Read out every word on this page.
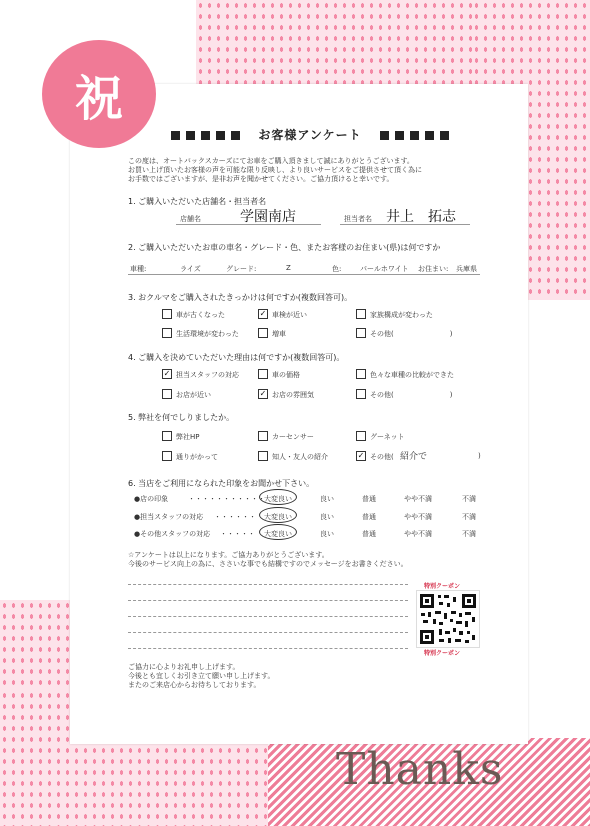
祝
お客様アンケート
この度は、オートバックスカーズにてお車をご購入頂きまして誠にありがとうございます。
お買い上げ頂いたお客様の声を可能な限り反映し、より良いサービスをご提供させて頂く為に
お手数ではございますが、是非お声を聞かせてください。ご協力頂けると幸いです。
1. ご購入いただいた店舗名・担当者名
店舗名	学園南店	担当者名 井上　拓志
2. ご購入いただいたお車の車名・グレード・色、またお客様のお住まい(県)は何ですか
車種:	ライズ	グレード:	Z	色:	パールホワイト お住まい: 兵庫県
3. おクルマをご購入されたきっかけは何ですか(複数回答可)。
車が古くなった	✓ 車検が近い	家族構成が変わった
生活環境が変わった	増車	その他(　　　　　　　　)
4. ご購入を決めていただいた理由は何ですか(複数回答可)。
✓ 担当スタッフの対応	車の価格	色々な車種の比較ができた
お店が近い	✓ お店の雰囲気	その他(　　　　　　　　)
5. 弊社を何でしりましたか。
弊社HP	カーセンサー	グーネット
通りがかって	知人・友人の紹介	✓ その他( 紹介で	)
6. 当店をご利用になられた印象をお聞かせ下さい。
●店の印象	・・・・・・・・・・・ 大変良い	良い	普通	やや不満	不満
●担当スタッフの対応 ・・・・・・ 大変良い	良い	普通	やや不満	不満
●その他スタッフの対応 ・・・・・ 大変良い	良い	普通	やや不満	不満
☆アンケートは以上になります。ご協力ありがとうございます。
今後のサービス向上の為に、ささいな事でも結構ですのでメッセージをお書きください。
特別クーポン
特別クーポン
ご協力に心よりお礼申し上げます。
今後とも宜しくお引き立て願い申し上げます。
またのご来店心からお待ちしております。
Thanks
